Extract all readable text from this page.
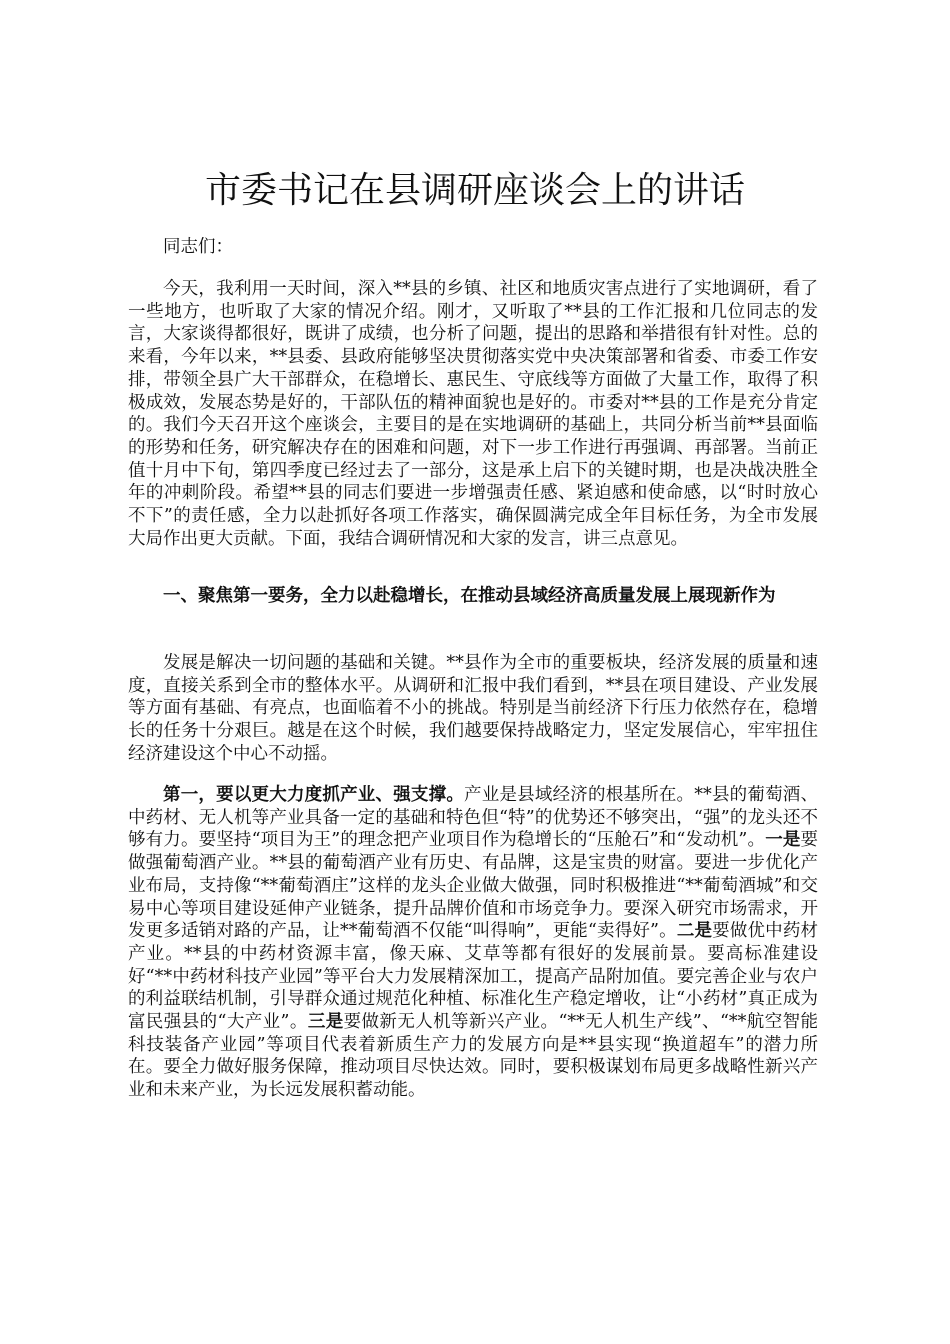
市委书记在县调研座谈会上的讲话
同志们：
今天，我利用一天时间，深入**县的乡镇、社区和地质灾害点进行了实地调研，看了一些地方，也听取了大家的情况介绍。刚才，又听取了**县的工作汇报和几位同志的发言，大家谈得都很好，既讲了成绩，也分析了问题，提出的思路和举措很有针对性。总的来看，今年以来，**县委、县政府能够坚决贯彻落实党中央决策部署和省委、市委工作安排，带领全县广大干部群众，在稳增长、惠民生、守底线等方面做了大量工作，取得了积极成效，发展态势是好的，干部队伍的精神面貌也是好的。市委对**县的工作是充分肯定的。我们今天召开这个座谈会，主要目的是在实地调研的基础上，共同分析当前**县面临的形势和任务，研究解决存在的困难和问题，对下一步工作进行再强调、再部署。当前正值十月中下旬，第四季度已经过去了一部分，这是承上启下的关键时期，也是决战决胜全年的冲刺阶段。希望**县的同志们要进一步增强责任感、紧迫感和使命感，以“时时放心不下”的责任感，全力以赴抓好各项工作落实，确保圆满完成全年目标任务，为全市发展大局作出更大贡献。下面，我结合调研情况和大家的发言，讲三点意见。
一、聚焦第一要务，全力以赴稳增长，在推动县域经济高质量发展上展现新作为
发展是解决一切问题的基础和关键。**县作为全市的重要板块，经济发展的质量和速度，直接关系到全市的整体水平。从调研和汇报中我们看到，**县在项目建设、产业发展等方面有基础、有亮点，也面临着不小的挑战。特别是当前经济下行压力依然存在，稳增长的任务十分艰巨。越是在这个时候，我们越要保持战略定力，坚定发展信心，牢牢扭住经济建设这个中心不动摇。
第一，要以更大力度抓产业、强支撑。产业是县域经济的根基所在。**县的葡萄酒、中药材、无人机等产业具备一定的基础和特色但“特”的优势还不够突出，“强”的龙头还不够有力。要坚持“项目为王”的理念把产业项目作为稳增长的“压舱石”和“发动机”。一是要做强葡萄酒产业。**县的葡萄酒产业有历史、有品牌，这是宝贵的财富。要进一步优化产业布局，支持像“**葡萄酒庄”这样的龙头企业做大做强，同时积极推进“**葡萄酒城”和交易中心等项目建设延伸产业链条，提升品牌价值和市场竞争力。要深入研究市场需求，开发更多适销对路的产品，让**葡萄酒不仅能“叫得响”，更能“卖得好”。二是要做优中药材产业。**县的中药材资源丰富，像天麻、艾草等都有很好的发展前景。要高标准建设好“**中药材科技产业园”等平台大力发展精深加工，提高产品附加值。要完善企业与农户的利益联结机制，引导群众通过规范化种植、标准化生产稳定增收，让“小药材”真正成为富民强县的“大产业”。三是要做新无人机等新兴产业。“**无人机生产线”、“**航空智能科技装备产业园”等项目代表着新质生产力的发展方向是**县实现“换道超车”的潜力所在。要全力做好服务保障，推动项目尽快达效。同时，要积极谋划布局更多战略性新兴产业和未来产业，为长远发展积蓄动能。
